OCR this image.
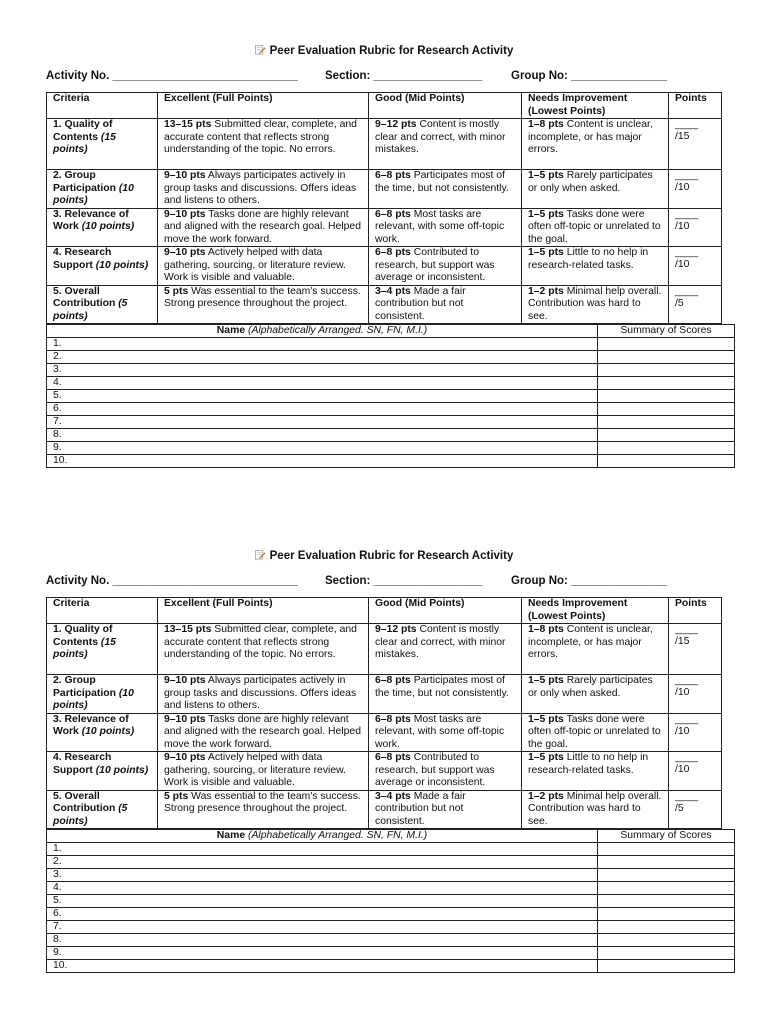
Peer Evaluation Rubric for Research Activity
Activity No. _____________________________ Section: _________________ Group No: _______________
Criteria	Excellent (Full Points)	Good (Mid Points)	Needs Improvement (Lowest Points)	Points
1. Quality of Contents (15 points)	13–15 pts Submitted clear, complete, and accurate content that reflects strong understanding of the topic. No errors.	9–12 pts Content is mostly clear and correct, with minor mistakes.	1–8 pts Content is unclear, incomplete, or has major errors.	____
/15
2. Group Participation (10 points)	9–10 pts Always participates actively in group tasks and discussions. Offers ideas and listens to others.	6–8 pts Participates most of the time, but not consistently.	1–5 pts Rarely participates or only when asked.	____
/10
3. Relevance of Work (10 points)	9–10 pts Tasks done are highly relevant and aligned with the research goal. Helped move the work forward.	6–8 pts Most tasks are relevant, with some off-topic work.	1–5 pts Tasks done were often off-topic or unrelated to the goal.	____
/10
4. Research Support (10 points)	9–10 pts Actively helped with data gathering, sourcing, or literature review. Work is visible and valuable.	6–8 pts Contributed to research, but support was average or inconsistent.	1–5 pts Little to no help in research-related tasks.	____
/10
5. Overall Contribution (5 points)	5 pts Was essential to the team's success. Strong presence throughout the project.	3–4 pts Made a fair contribution but not consistent.	1–2 pts Minimal help overall. Contribution was hard to see.	____
/5
Name (Alphabetically Arranged. SN, FN, M.I.)	Summary of Scores
1.	
2.	
3.	
4.	
5.	
6.	
7.	
8.	
9.	
10.	
Peer Evaluation Rubric for Research Activity
Activity No. _____________________________ Section: _________________ Group No: _______________
Criteria	Excellent (Full Points)	Good (Mid Points)	Needs Improvement (Lowest Points)	Points
1. Quality of Contents (15 points)	13–15 pts Submitted clear, complete, and accurate content that reflects strong understanding of the topic. No errors.	9–12 pts Content is mostly clear and correct, with minor mistakes.	1–8 pts Content is unclear, incomplete, or has major errors.	____
/15
2. Group Participation (10 points)	9–10 pts Always participates actively in group tasks and discussions. Offers ideas and listens to others.	6–8 pts Participates most of the time, but not consistently.	1–5 pts Rarely participates or only when asked.	____
/10
3. Relevance of Work (10 points)	9–10 pts Tasks done are highly relevant and aligned with the research goal. Helped move the work forward.	6–8 pts Most tasks are relevant, with some off-topic work.	1–5 pts Tasks done were often off-topic or unrelated to the goal.	____
/10
4. Research Support (10 points)	9–10 pts Actively helped with data gathering, sourcing, or literature review. Work is visible and valuable.	6–8 pts Contributed to research, but support was average or inconsistent.	1–5 pts Little to no help in research-related tasks.	____
/10
5. Overall Contribution (5 points)	5 pts Was essential to the team's success. Strong presence throughout the project.	3–4 pts Made a fair contribution but not consistent.	1–2 pts Minimal help overall. Contribution was hard to see.	____
/5
Name (Alphabetically Arranged. SN, FN, M.I.)	Summary of Scores
1.	
2.	
3.	
4.	
5.	
6.	
7.	
8.	
9.	
10.	
